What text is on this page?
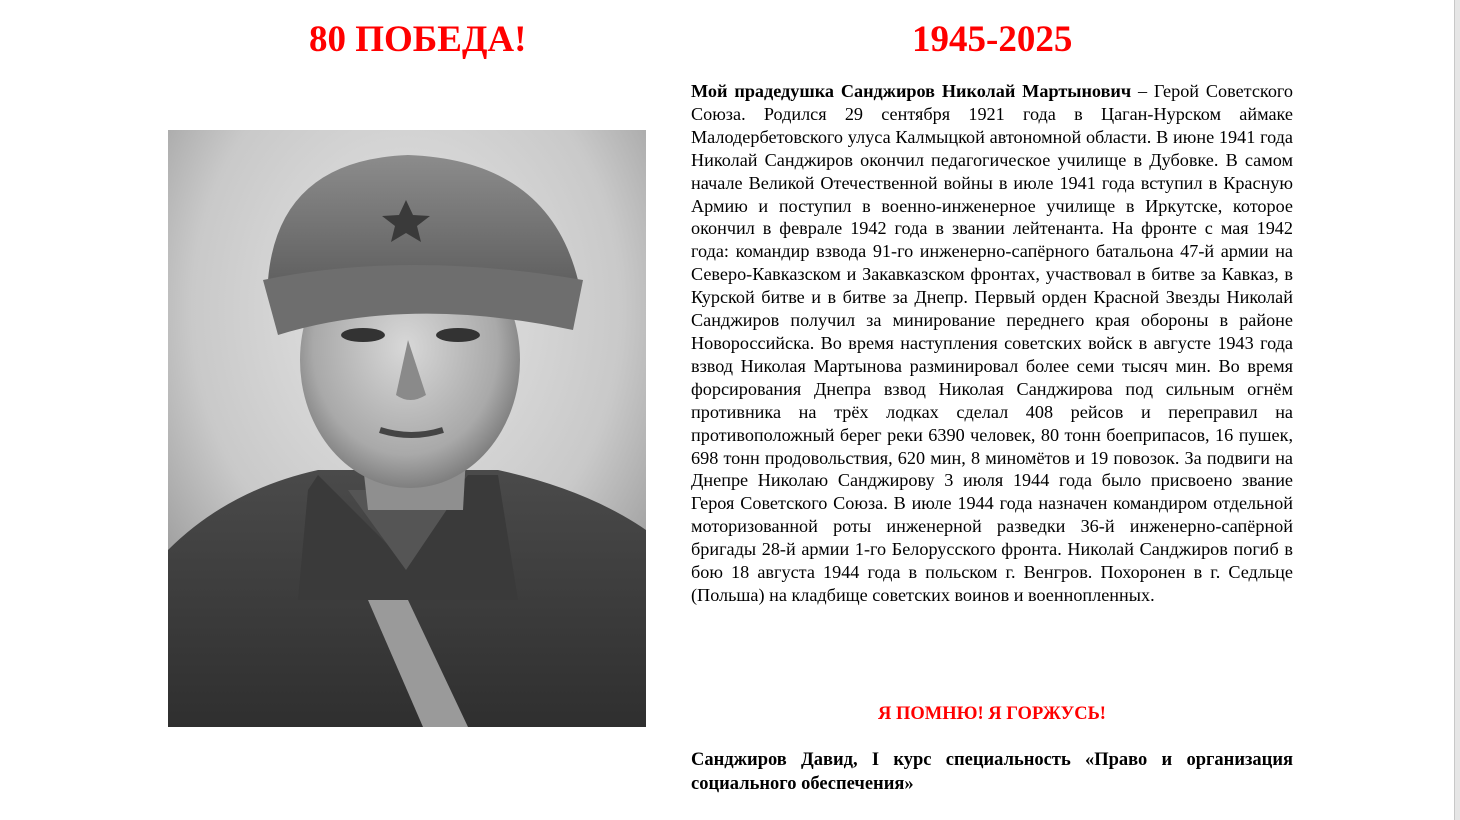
80 ПОБЕДА!	1945-2025

Мой прадедушка Санджиров Николай Мартынович – Герой Советского Союза. Родился 29 сентября 1921 года в Цаган-Нурском аймаке Малодербетовского улуса Калмыцкой автономной области. В июне 1941 года Николай Санджиров окончил педагогическое училище в Дубовке. В самом начале Великой Отечественной войны в июле 1941 года вступил в Красную Армию и поступил в военно-инженерное училище в Иркутске, которое окончил в феврале 1942 года в звании лейтенанта. На фронте с мая 1942 года: командир взвода 91-го инженерно-сапёрного батальона 47-й армии на Северо-Кавказском и Закавказском фронтах, участвовал в битве за Кавказ, в Курской битве и в битве за Днепр. Первый орден Красной Звезды Николай Санджиров получил за минирование переднего края обороны в районе Новороссийска. Во время наступления советских войск в августе 1943 года взвод Николая Мартынова разминировал более семи тысяч мин. Во время форсирования Днепра взвод Николая Санджирова под сильным огнём противника на трёх лодках сделал 408 рейсов и переправил на противоположный берег реки 6390 человек, 80 тонн боеприпасов, 16 пушек, 698 тонн продовольствия, 620 мин, 8 миномётов и 19 повозок. За подвиги на Днепре Николаю Санджирову 3 июля 1944 года было присвоено звание Героя Советского Союза. В июле 1944 года назначен командиром отдельной моторизованной роты инженерной разведки 36-й инженерно-сапёрной бригады 28-й армии 1-го Белорусского фронта. Николай Санджиров погиб в бою 18 августа 1944 года в польском г. Венгров. Похоронен в г. Седльце (Польша) на кладбище советских воинов и военнопленных.

Я ПОМНЮ! Я ГОРЖУСЬ!

Санджиров Давид, I курс специальность «Право и организация социального обеспечения»
